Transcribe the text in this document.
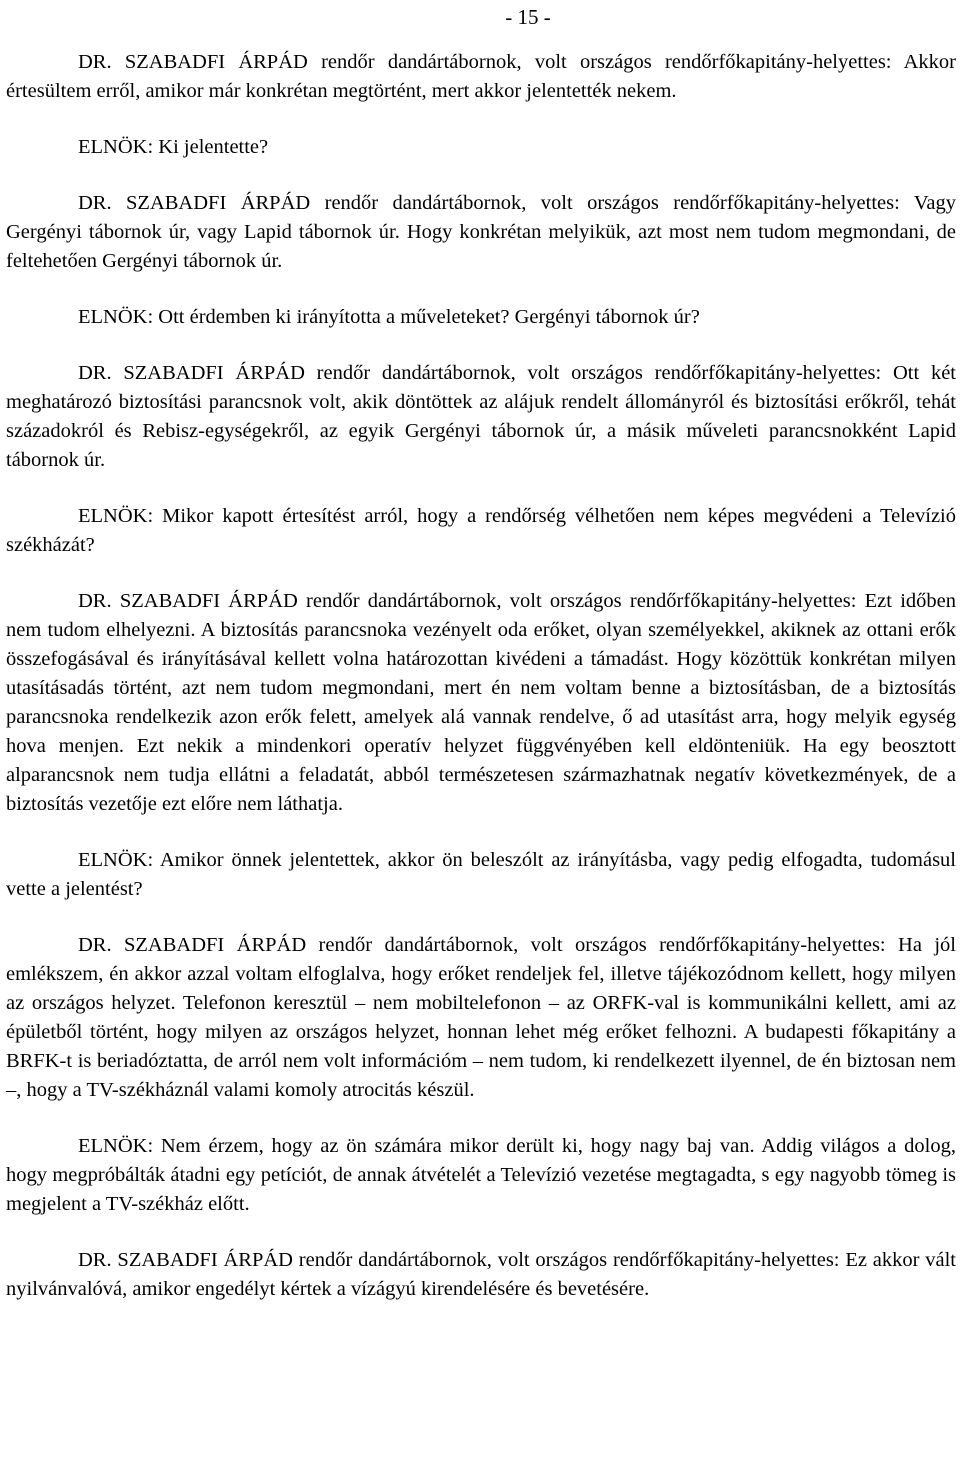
- 15 -

DR. SZABADFI ÁRPÁD rendőr dandártábornok, volt országos rendőrfőkapitány-helyettes: Akkor értesültem erről, amikor már konkrétan megtörtént, mert akkor jelentették nekem.

ELNÖK: Ki jelentette?

DR. SZABADFI ÁRPÁD rendőr dandártábornok, volt országos rendőrfőkapitány-helyettes: Vagy Gergényi tábornok úr, vagy Lapid tábornok úr. Hogy konkrétan melyikük, azt most nem tudom megmondani, de feltehetően Gergényi tábornok úr.

ELNÖK: Ott érdemben ki irányította a műveleteket? Gergényi tábornok úr?

DR. SZABADFI ÁRPÁD rendőr dandártábornok, volt országos rendőrfőkapitány-helyettes: Ott két meghatározó biztosítási parancsnok volt, akik döntöttek az alájuk rendelt állományról és biztosítási erőkről, tehát századokról és Rebisz-egységekről, az egyik Gergényi tábornok úr, a másik műveleti parancsnokként Lapid tábornok úr.

ELNÖK: Mikor kapott értesítést arról, hogy a rendőrség vélhetően nem képes megvédeni a Televízió székházát?

DR. SZABADFI ÁRPÁD rendőr dandártábornok, volt országos rendőrfőkapitány-helyettes: Ezt időben nem tudom elhelyezni. A biztosítás parancsnoka vezényelt oda erőket, olyan személyekkel, akiknek az ottani erők összefogásával és irányításával kellett volna határozottan kivédeni a támadást. Hogy közöttük konkrétan milyen utasításadás történt, azt nem tudom megmondani, mert én nem voltam benne a biztosításban, de a biztosítás parancsnoka rendelkezik azon erők felett, amelyek alá vannak rendelve, ő ad utasítást arra, hogy melyik egység hova menjen. Ezt nekik a mindenkori operatív helyzet függvényében kell eldönteniük. Ha egy beosztott alparancsnok nem tudja ellátni a feladatát, abból természetesen származhatnak negatív következmények, de a biztosítás vezetője ezt előre nem láthatja.

ELNÖK: Amikor önnek jelentettek, akkor ön beleszólt az irányításba, vagy pedig elfogadta, tudomásul vette a jelentést?

DR. SZABADFI ÁRPÁD rendőr dandártábornok, volt országos rendőrfőkapitány-helyettes: Ha jól emlékszem, én akkor azzal voltam elfoglalva, hogy erőket rendeljek fel, illetve tájékozódnom kellett, hogy milyen az országos helyzet. Telefonon keresztül – nem mobiltelefonon – az ORFK-val is kommunikálni kellett, ami az épületből történt, hogy milyen az országos helyzet, honnan lehet még erőket felhozni. A budapesti főkapitány a BRFK-t is beriadóztatta, de arról nem volt információm – nem tudom, ki rendelkezett ilyennel, de én biztosan nem –, hogy a TV-székháznál valami komoly atrocitás készül.

ELNÖK: Nem érzem, hogy az ön számára mikor derült ki, hogy nagy baj van. Addig világos a dolog, hogy megpróbálták átadni egy petíciót, de annak átvételét a Televízió vezetése megtagadta, s egy nagyobb tömeg is megjelent a TV-székház előtt.

DR. SZABADFI ÁRPÁD rendőr dandártábornok, volt országos rendőrfőkapitány-helyettes: Ez akkor vált nyilvánvalóvá, amikor engedélyt kértek a vízágyú kirendelésére és bevetésére.
